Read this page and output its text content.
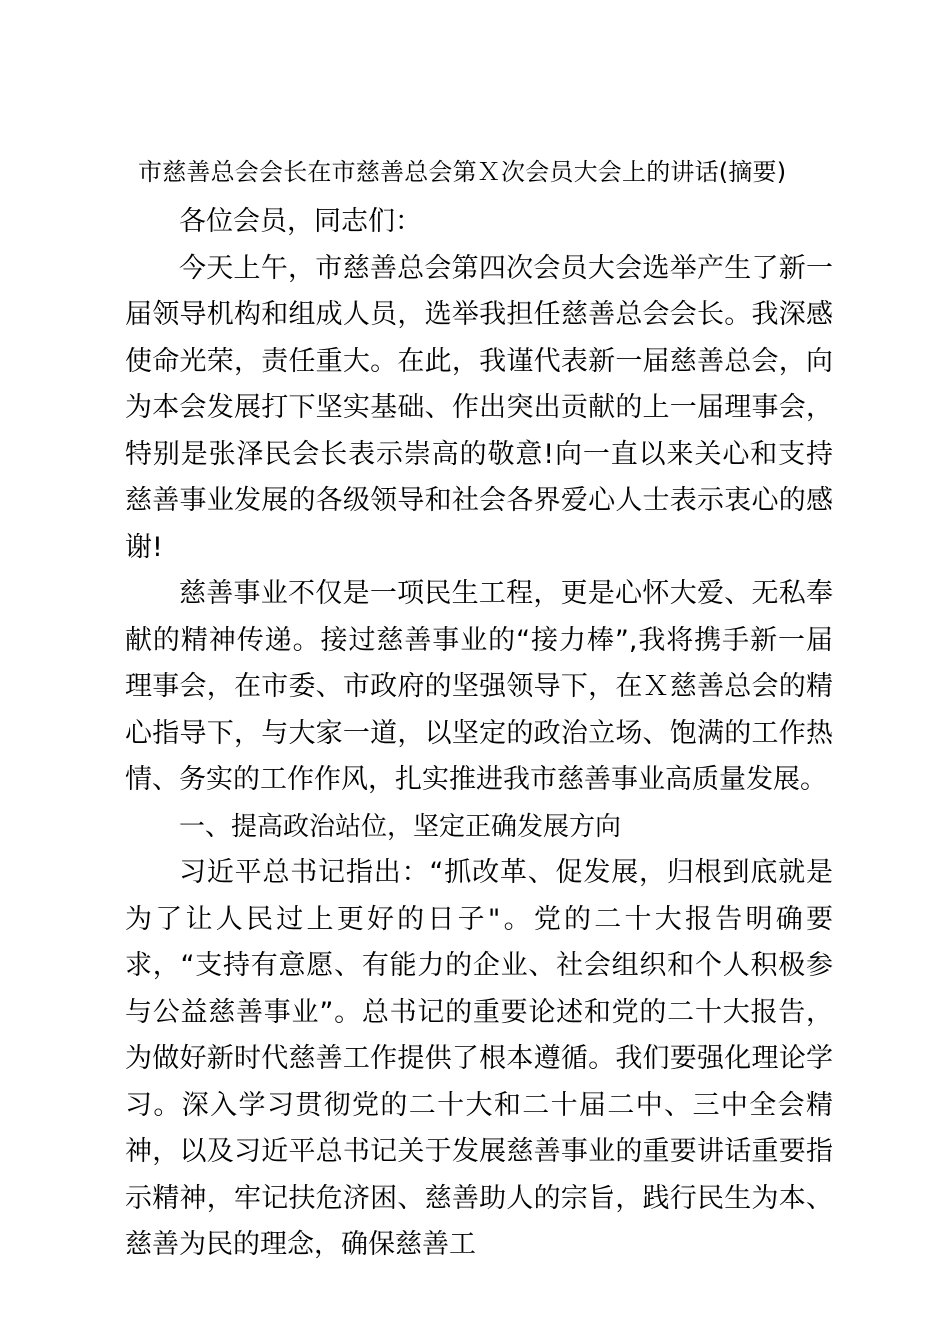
市慈善总会会长在市慈善总会第Ｘ次会员大会上的讲话(摘要)

各位会员，同志们：

今天上午，市慈善总会第四次会员大会选举产生了新一届领导机构和组成人员，选举我担任慈善总会会长。我深感使命光荣，责任重大。在此，我谨代表新一届慈善总会，向为本会发展打下坚实基础、作出突出贡献的上一届理事会，特别是张泽民会长表示崇高的敬意!向一直以来关心和支持慈善事业发展的各级领导和社会各界爱心人士表示衷心的感谢!

慈善事业不仅是一项民生工程，更是心怀大爱、无私奉献的精神传递。接过慈善事业的“接力棒”,我将携手新一届理事会，在市委、市政府的坚强领导下，在Ｘ慈善总会的精心指导下，与大家一道，以坚定的政治立场、饱满的工作热情、务实的工作作风，扎实推进我市慈善事业高质量发展。

一、提高政治站位，坚定正确发展方向

习近平总书记指出：“抓改革、促发展，归根到底就是为了让人民过上更好的日子"。党的二十大报告明确要求，“支持有意愿、有能力的企业、社会组织和个人积极参与公益慈善事业”。总书记的重要论述和党的二十大报告，为做好新时代慈善工作提供了根本遵循。我们要强化理论学习。深入学习贯彻党的二十大和二十届二中、三中全会精神，以及习近平总书记关于发展慈善事业的重要讲话重要指示精神，牢记扶危济困、慈善助人的宗旨，践行民生为本、慈善为民的理念，确保慈善工
